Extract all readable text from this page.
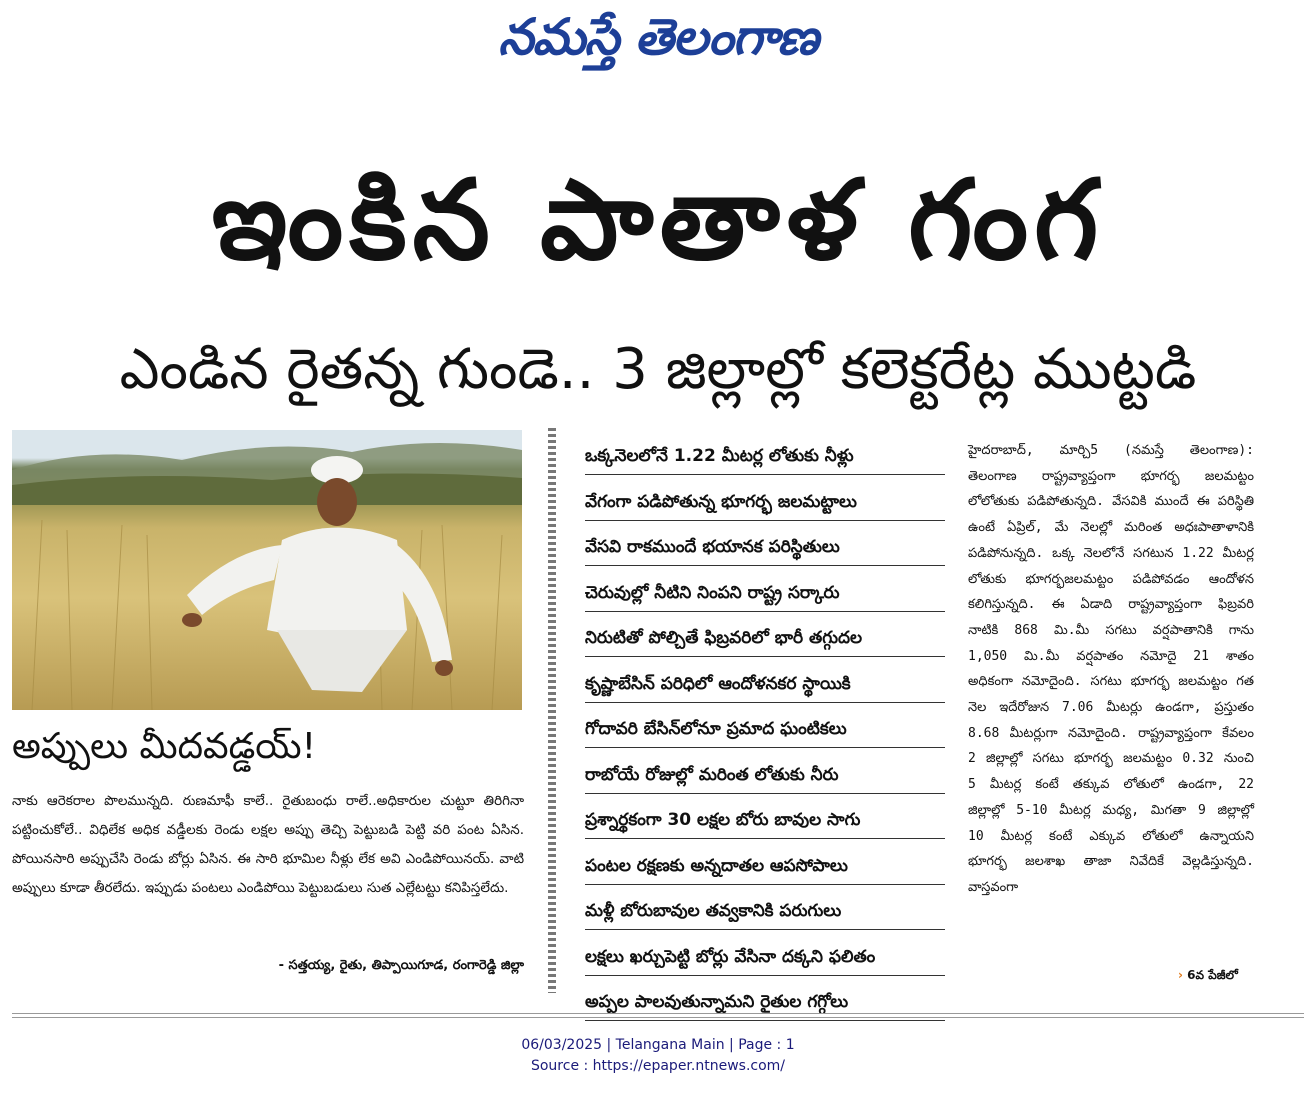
నమస్తే తెలంగాణ
ఇంకిన పాతాళ గంగ
ఎండిన రైతన్న గుండె.. 3 జిల్లాల్లో కలెక్టరేట్ల ముట్టడి
అప్పులు మీదవడ్డయ్!
నాకు ఆరెకరాల పొలమున్నది. రుణమాఫీ కాలే.. రైతుబంధు రాలే..అధికారుల చుట్టూ తిరిగినా పట్టించుకోలే.. విధిలేక అధిక వడ్డీలకు రెండు లక్షల అప్పు తెచ్చి పెట్టుబడి పెట్టి వరి పంట ఏసిన. పోయినసారి అప్పుచేసి రెండు బోర్లు ఏసిన. ఈ సారి భూమిల నీళ్లు లేక అవి ఎండిపోయినయ్. వాటి అప్పులు కూడా తీరలేదు. ఇప్పుడు పంటలు ఎండిపోయి పెట్టుబడులు సుత ఎల్లేటట్టు కనిపిస్తలేదు.
- సత్తయ్య, రైతు, తిప్పాయిగూడ, రంగారెడ్డి జిల్లా
ఒక్కనెలలోనే 1.22 మీటర్ల లోతుకు నీళ్లు
వేగంగా పడిపోతున్న భూగర్భ జలమట్టాలు
వేసవి రాకముందే భయానక పరిస్థితులు
చెరువుల్లో నీటిని నింపని రాష్ట్ర సర్కారు
నిరుటితో పోల్చితే ఫిబ్రవరిలో భారీ తగ్గుదల
కృష్ణాబేసిన్ పరిధిలో ఆందోళనకర స్థాయికి
గోదావరి బేసిన్‌లోనూ ప్రమాద ఘంటికలు
రాబోయే రోజుల్లో మరింత లోతుకు నీరు
ప్రశ్నార్థకంగా 30 లక్షల బోరు బావుల సాగు
పంటల రక్షణకు అన్నదాతల ఆపసోపాలు
మళ్లీ బోరుబావుల తవ్వకానికి పరుగులు
లక్షలు ఖర్చుపెట్టి బోర్లు వేసినా దక్కని ఫలితం
అప్పల పాలవుతున్నామని రైతుల గగ్గోలు
హైదరాబాద్, మార్చి5 (నమస్తే తెలంగాణ): తెలంగాణ రాష్ట్రవ్యాప్తంగా భూగర్భ జలమట్టం లోలోతుకు పడిపోతున్నది. వేసవికి ముందే ఈ పరిస్థితి ఉంటే ఏప్రిల్, మే నెలల్లో మరింత అధఃపాతాళానికి పడిపోనున్నది. ఒక్క నెలలోనే సగటున 1.22 మీటర్ల లోతుకు భూగర్భజలమట్టం పడిపోవడం ఆందోళన కలిగిస్తున్నది. ఈ ఏడాది రాష్ట్రవ్యాప్తంగా ఫిబ్రవరి నాటికి 868 మి.మీ సగటు వర్షపాతానికి గాను 1,050 మి.మీ వర్షపాతం నమోదై 21 శాతం అధికంగా నమోదైంది. సగటు భూగర్భ జలమట్టం గత నెల ఇదేరోజున 7.06 మీటర్లు ఉండగా, ప్రస్తుతం 8.68 మీటర్లుగా నమోదైంది. రాష్ట్రవ్యాప్తంగా కేవలం 2 జిల్లాల్లో సగటు భూగర్భ జలమట్టం 0.32 నుంచి 5 మీటర్ల కంటే తక్కువ లోతులో ఉండగా, 22 జిల్లాల్లో 5-10 మీటర్ల మధ్య, మిగతా 9 జిల్లాల్లో 10 మీటర్ల కంటే ఎక్కువ లోతులో ఉన్నాయని భూగర్భ జలశాఖ తాజా నివేదికే వెల్లడిస్తున్నది. వాస్తవంగా
› 6వ పేజీలో
06/03/2025 | Telangana Main | Page : 1
Source : https://epaper.ntnews.com/
